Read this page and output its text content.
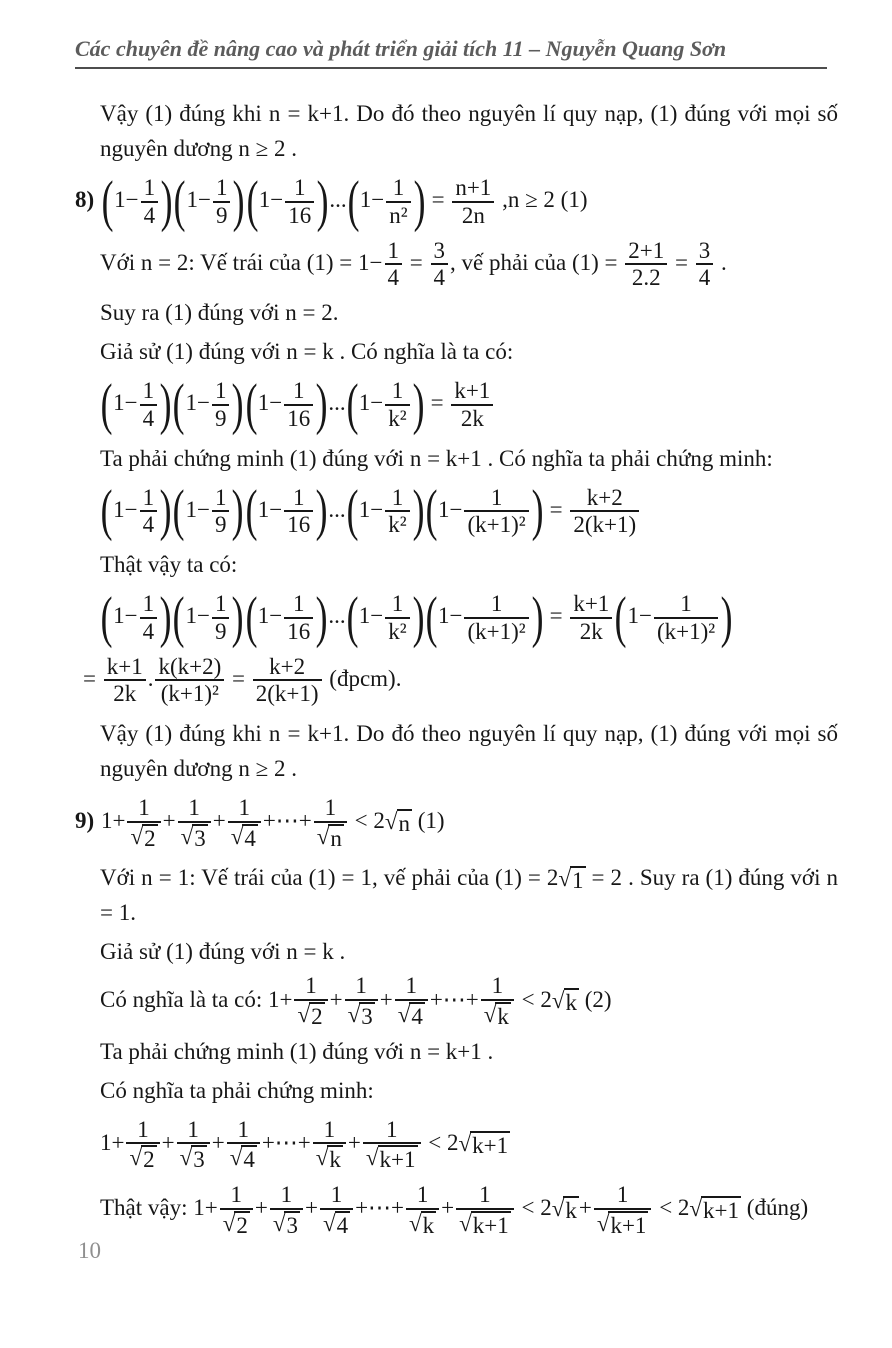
Các chuyên đề nâng cao và phát triển giải tích 11 – Nguyễn Quang Sơn
Vậy (1) đúng khi n = k+1. Do đó theo nguyên lí quy nạp, (1) đúng với mọi số nguyên dương n ≥ 2 .
$8)(1- \frac{1}{4} )(1- \frac{1}{9} )(1- \frac{1}{16} )...(1- \frac{1}{\text{n²}}$ ) = $\frac{n+1}{2n} ,n \ge 2$ (1)
Với n = 2: Vế trái của $(1) = 1- \frac{1}{4} = \frac{3}{4}$ , vế phải của $(1) = \frac{2+1}{2.2} = \frac{3}{4}$ .
Suy ra (1) đúng với n = 2.
Giả sử (1) đúng với n = k . Có nghĩa là ta có:
$(1- \frac{1}{4} )(1- \frac{1}{9} )(1- \frac{1}{16} )...(1- \frac{1}{\text{k²}}$ ) = $\frac{k+1}{2k}$
Ta phải chứng minh (1) đúng với n = k+1 . Có nghĩa ta phải chứng minh:
$(1- \frac{1}{4} )(1- \frac{1}{9} )(1- \frac{1}{16} )...(1- \frac{1}{\text{k²}} )(1- \frac{1}{\text{(k+1)²}}$ ) = $\frac{k+2}{2(k+1)}$
Thật vậy ta có:
$(1- \frac{1}{4} )(1- \frac{1}{9} )(1- \frac{1}{16} )...(1- \frac{1}{\text{k²}} )(1- \frac{1}{\text{(k+1)²}}$ ) = $\frac{k+1}{2k} (1- \frac{1}{\text{(k+1)²}}$ )
= $\frac{k+1}{2k}$ . $\frac{k(k+2)}{\text{(k+1)²}} = \frac{k+2}{2(k+1)}$ (đpcm).
Vậy (1) đúng khi n = k+1. Do đó theo nguyên lí quy nạp, (1) đúng với mọi số nguyên dương n ≥ 2 .
$9)1+ \frac{1}{√ 2} + \frac{1}{√ 3} + \frac{1}{√ 4}$ +⋯+ $\frac{1}{√ n} < 2$ √ n (1)
Với n = 1: Vế trái của (1) = 1, vế phải của (1) = 2 √ 1 = 2 . Suy ra (1) đúng với n = 1.
Giả sử (1) đúng với n = k .
Có nghĩa là ta có: $1+ \frac{1}{√ 2} + \frac{1}{√ 3} + \frac{1}{√ 4}$ +⋯+ $\frac{1}{√ k} < 2$ √ k (2)
Ta phải chứng minh (1) đúng với n = k+1 .
Có nghĩa ta phải chứng minh:
$1+ \frac{1}{√ 2} + \frac{1}{√ 3} + \frac{1}{√ 4}$ +⋯+ $\frac{1}{√ k} + \frac{1}{√ k+1} < 2$ √ k+1
Thật vậy: $1+ \frac{1}{√ 2} + \frac{1}{√ 3} + \frac{1}{√ 4}$ +⋯+ $\frac{1}{√ k} + \frac{1}{√ k+1} < 2$ √ $k + \frac{1}{√ k+1} < 2$ √ k+1 (đúng)
10
